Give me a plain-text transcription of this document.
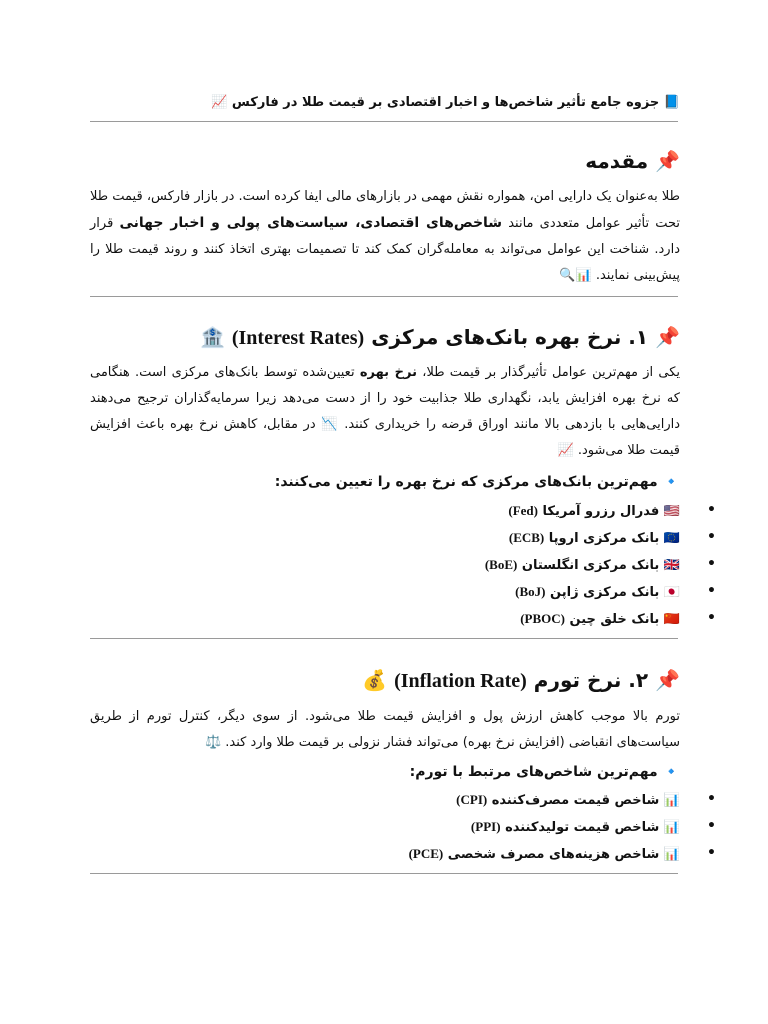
📘 جزوه جامع تأثیر شاخص‌ها و اخبار اقتصادی بر قیمت طلا در فارکس 📈
📌 مقدمه
طلا به‌عنوان یک دارایی امن، همواره نقش مهمی در بازارهای مالی ایفا کرده است. در بازار فارکس، قیمت طلا تحت تأثیر عوامل متعددی مانند شاخص‌های اقتصادی، سیاست‌های پولی و اخبار جهانی قرار دارد. شناخت این عوامل می‌تواند به معامله‌گران کمک کند تا تصمیمات بهتری اتخاذ کنند و روند قیمت طلا را پیش‌بینی نمایند. 📊🔍
📌 ۱. نرخ بهره بانک‌های مرکزی (Interest Rates) 🏦
یکی از مهم‌ترین عوامل تأثیرگذار بر قیمت طلا، نرخ بهره تعیین‌شده توسط بانک‌های مرکزی است. هنگامی که نرخ بهره افزایش یابد، نگهداری طلا جذابیت خود را از دست می‌دهد زیرا سرمایه‌گذاران ترجیح می‌دهند دارایی‌هایی با بازدهی بالا مانند اوراق قرضه را خریداری کنند. 📉 در مقابل، کاهش نرخ بهره باعث افزایش قیمت طلا می‌شود. 📈
🔹 مهم‌ترین بانک‌های مرکزی که نرخ بهره را تعیین می‌کنند:
•
🇺🇸 فدرال رزرو آمریکا (Fed)
•
🇪🇺 بانک مرکزی اروپا (ECB)
•
🇬🇧 بانک مرکزی انگلستان (BoE)
•
🇯🇵 بانک مرکزی ژاپن (BoJ)
•
🇨🇳 بانک خلق چین (PBOC)
📌 ۲. نرخ تورم (Inflation Rate) 💰
تورم بالا موجب کاهش ارزش پول و افزایش قیمت طلا می‌شود. از سوی دیگر، کنترل تورم از طریق سیاست‌های انقباضی (افزایش نرخ بهره) می‌تواند فشار نزولی بر قیمت طلا وارد کند. ⚖️
🔹 مهم‌ترین شاخص‌های مرتبط با تورم:
•
📊 شاخص قیمت مصرف‌کننده (CPI)
•
📊 شاخص قیمت تولیدکننده (PPI)
•
📊 شاخص هزینه‌های مصرف شخصی (PCE)
